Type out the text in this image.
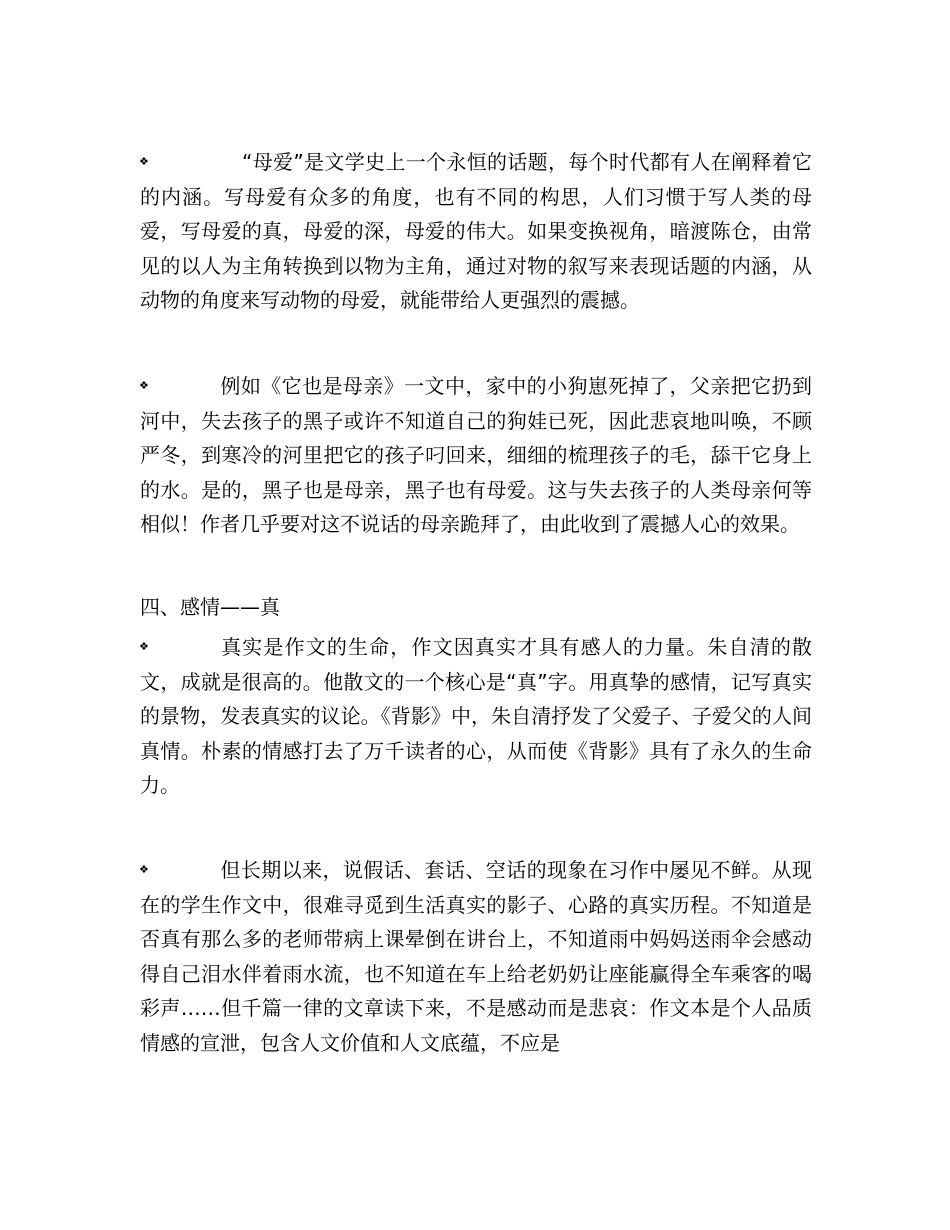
❖
“母爱”是文学史上一个永恒的话题，每个时代都有人在阐释着它的内涵。写母爱有众多的角度，也有不同的构思，人们习惯于写人类的母爱，写母爱的真，母爱的深，母爱的伟大。如果变换视角，暗渡陈仓，由常见的以人为主角转换到以物为主角，通过对物的叙写来表现话题的内涵，从动物的角度来写动物的母爱，就能带给人更强烈的震撼。

❖
例如《它也是母亲》一文中，家中的小狗崽死掉了，父亲把它扔到河中，失去孩子的黑子或许不知道自己的狗娃已死，因此悲哀地叫唤，不顾严冬，到寒冷的河里把它的孩子叼回来，细细的梳理孩子的毛，舔干它身上的水。是的，黑子也是母亲，黑子也有母爱。这与失去孩子的人类母亲何等相似！作者几乎要对这不说话的母亲跪拜了，由此收到了震撼人心的效果。

四、感情——真

❖
真实是作文的生命，作文因真实才具有感人的力量。朱自清的散文，成就是很高的。他散文的一个核心是“真”字。用真挚的感情，记写真实的景物，发表真实的议论。《背影》中，朱自清抒发了父爱子、子爱父的人间真情。朴素的情感打去了万千读者的心，从而使《背影》具有了永久的生命力。

❖
但长期以来，说假话、套话、空话的现象在习作中屡见不鲜。从现在的学生作文中，很难寻觅到生活真实的影子、心路的真实历程。不知道是否真有那么多的老师带病上课晕倒在讲台上，不知道雨中妈妈送雨伞会感动得自己泪水伴着雨水流，也不知道在车上给老奶奶让座能赢得全车乘客的喝彩声……但千篇一律的文章读下来，不是感动而是悲哀：作文本是个人品质情感的宣泄，包含人文价值和人文底蕴，不应是
